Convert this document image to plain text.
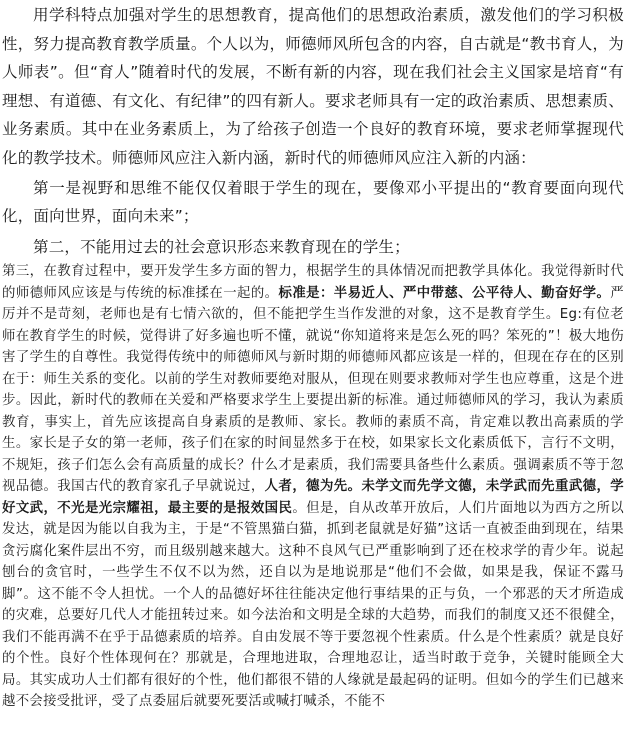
用学科特点加强对学生的思想教育，提高他们的思想政治素质，激发他们的学习积极性，努力提高教育教学质量。个人以为，师德师风所包含的内容，自古就是“教书育人，为人师表”。但“育人”随着时代的发展，不断有新的内容，现在我们社会主义国家是培育“有理想、有道德、有文化、有纪律”的四有新人。要求老师具有一定的政治素质、思想素质、业务素质。其中在业务素质上，为了给孩子创造一个良好的教育环境，要求老师掌握现代化的教学技术。师德师风应注入新内涵，新时代的师德师风应注入新的内涵：

第一是视野和思维不能仅仅着眼于学生的现在，要像邓小平提出的“教育要面向现代化，面向世界，面向未来”；

第二，不能用过去的社会意识形态来教育现在的学生；

第三，在教育过程中，要开发学生多方面的智力，根据学生的具体情况而把教学具体化。我觉得新时代的师德师风应该是与传统的标准揉在一起的。标准是：半易近人、严中带慈、公平待人、勤奋好学。严厉并不是苛刻，老师也是有七情六欲的，但不能把学生当作发泄的对象，这不是教育学生。Eg:有位老师在教育学生的时候，觉得讲了好多遍也听不懂，就说“你知道将来是怎么死的吗？笨死的”！极大地伤害了学生的自尊性。我觉得传统中的师德师风与新时期的师德师风都应该是一样的，但现在存在的区别在于：师生关系的变化。以前的学生对教师要绝对服从，但现在则要求教师对学生也应尊重，这是个进步。因此，新时代的教师在关爱和严格要求学生上要提出新的标准。通过师德师风的学习，我认为素质教育，事实上，首先应该提高自身素质的是教师、家长。教师的素质不高，肯定难以教出高素质的学生。家长是子女的第一老师，孩子们在家的时间显然多于在校，如果家长文化素质低下，言行不文明，不规矩，孩子们怎么会有高质量的成长？什么才是素质，我们需要具备些什么素质。强调素质不等于忽视品德。我国古代的教育家孔子早就说过，人者，德为先。未学文而先学文德，未学武而先重武德，学好文武，不光是光宗耀祖，最主要的是报效国民。但是，自从改革开放后，人们片面地以为西方之所以发达，就是因为能以自我为主，于是“不管黑猫白猫，抓到老鼠就是好猫”这话一直被歪曲到现在，结果贪污腐化案件层出不穷，而且级别越来越大。这种不良风气已严重影响到了还在校求学的青少年。说起刨台的贪官时，一些学生不仅不以为然，还自以为是地说那是“他们不会做，如果是我，保证不露马脚”。这不能不令人担忧。一个人的品德好坏往往能决定他行事结果的正与负，一个邪恶的天才所造成的灾难，总要好几代人才能扭转过来。如今法治和文明是全球的大趋势，而我们的制度又还不很健全，我们不能再满不在乎于品德素质的培养。自由发展不等于要忽视个性素质。什么是个性素质？就是良好的个性。良好个性体现何在？那就是，合理地进取，合理地忍让，适当时敢于竞争，关键时能顾全大局。其实成功人士们都有很好的个性，他们都很不错的人缘就是最起码的证明。但如今的学生们已越来越不会接受批评，受了点委屈后就要死要活或喊打喊杀，不能不
